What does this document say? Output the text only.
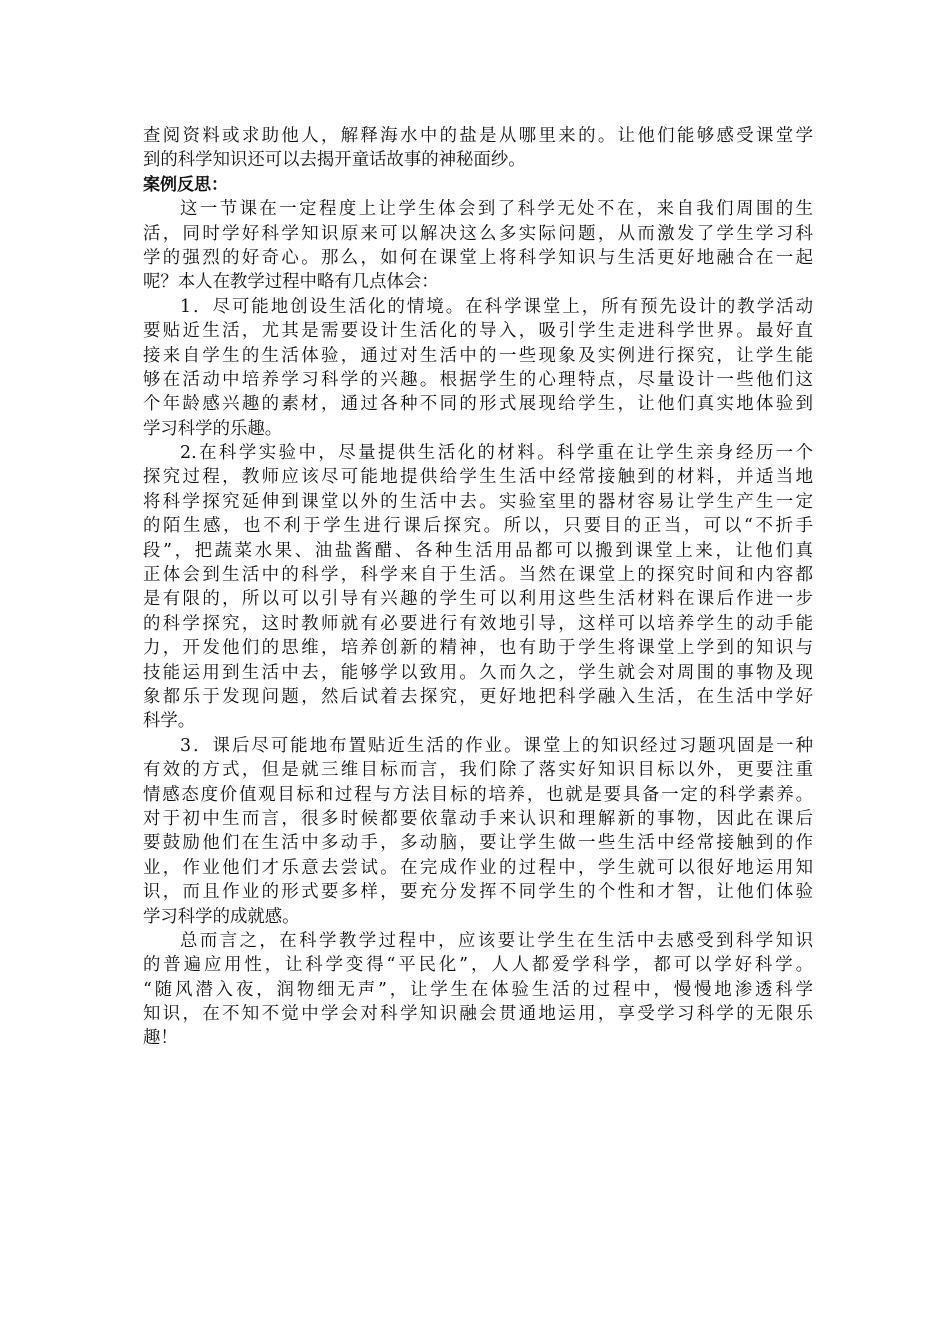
查阅资料或求助他人，解释海水中的盐是从哪里来的。让他们能够感受课堂学
到的科学知识还可以去揭开童话故事的神秘面纱。
案例反思：
这一节课在一定程度上让学生体会到了科学无处不在，来自我们周围的生
活，同时学好科学知识原来可以解决这么多实际问题，从而激发了学生学习科
学的强烈的好奇心。那么，如何在课堂上将科学知识与生活更好地融合在一起
呢？本人在教学过程中略有几点体会：
1．尽可能地创设生活化的情境。在科学课堂上，所有预先设计的教学活动
要贴近生活，尤其是需要设计生活化的导入，吸引学生走进科学世界。最好直
接来自学生的生活体验，通过对生活中的一些现象及实例进行探究，让学生能
够在活动中培养学习科学的兴趣。根据学生的心理特点，尽量设计一些他们这
个年龄感兴趣的素材，通过各种不同的形式展现给学生，让他们真实地体验到
学习科学的乐趣。
2.在科学实验中，尽量提供生活化的材料。科学重在让学生亲身经历一个
探究过程，教师应该尽可能地提供给学生生活中经常接触到的材料，并适当地
将科学探究延伸到课堂以外的生活中去。实验室里的器材容易让学生产生一定
的陌生感，也不利于学生进行课后探究。所以，只要目的正当，可以“不折手
段”，把蔬菜水果、油盐酱醋、各种生活用品都可以搬到课堂上来，让他们真
正体会到生活中的科学，科学来自于生活。当然在课堂上的探究时间和内容都
是有限的，所以可以引导有兴趣的学生可以利用这些生活材料在课后作进一步
的科学探究，这时教师就有必要进行有效地引导，这样可以培养学生的动手能
力，开发他们的思维，培养创新的精神，也有助于学生将课堂上学到的知识与
技能运用到生活中去，能够学以致用。久而久之，学生就会对周围的事物及现
象都乐于发现问题，然后试着去探究，更好地把科学融入生活，在生活中学好
科学。
3．课后尽可能地布置贴近生活的作业。课堂上的知识经过习题巩固是一种
有效的方式，但是就三维目标而言，我们除了落实好知识目标以外，更要注重
情感态度价值观目标和过程与方法目标的培养，也就是要具备一定的科学素养。
对于初中生而言，很多时候都要依靠动手来认识和理解新的事物，因此在课后
要鼓励他们在生活中多动手，多动脑，要让学生做一些生活中经常接触到的作
业，作业他们才乐意去尝试。在完成作业的过程中，学生就可以很好地运用知
识，而且作业的形式要多样，要充分发挥不同学生的个性和才智，让他们体验
学习科学的成就感。
总而言之，在科学教学过程中，应该要让学生在生活中去感受到科学知识
的普遍应用性，让科学变得“平民化”，人人都爱学科学，都可以学好科学。
“随风潜入夜，润物细无声”，让学生在体验生活的过程中，慢慢地渗透科学
知识，在不知不觉中学会对科学知识融会贯通地运用，享受学习科学的无限乐
趣！
